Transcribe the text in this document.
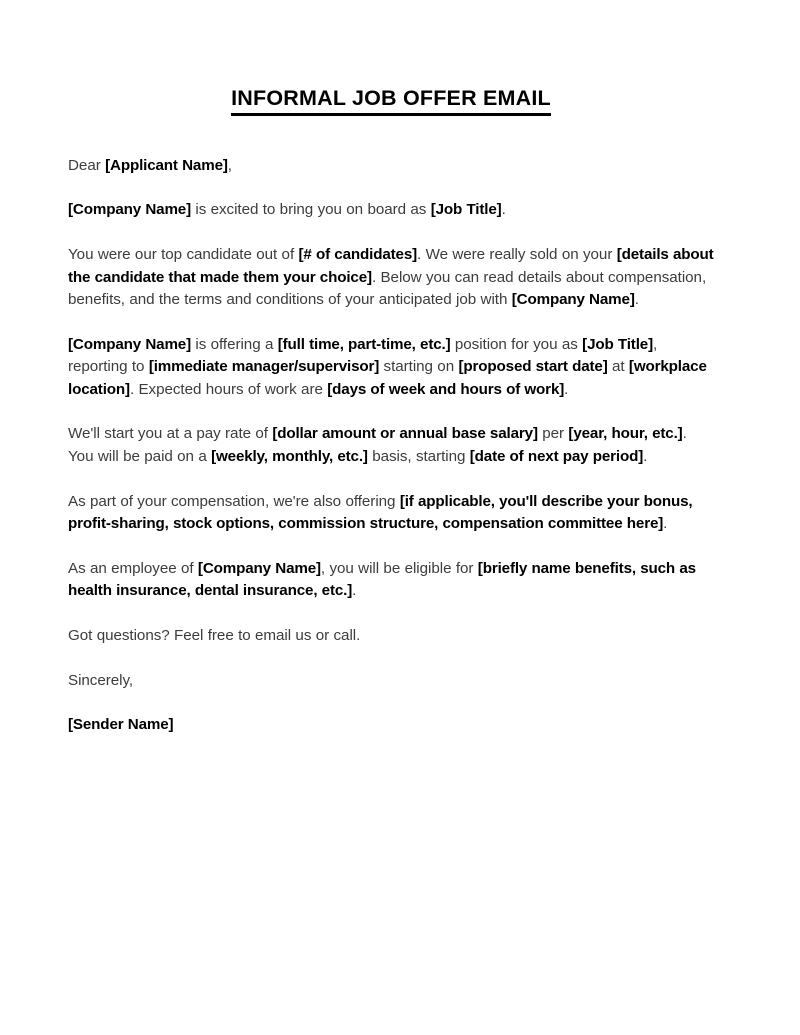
INFORMAL JOB OFFER EMAIL

Dear [Applicant Name],

[Company Name] is excited to bring you on board as [Job Title].

You were our top candidate out of [# of candidates]. We were really sold on your [details about the candidate that made them your choice]. Below you can read details about compensation, benefits, and the terms and conditions of your anticipated job with [Company Name].

[Company Name] is offering a [full time, part-time, etc.] position for you as [Job Title], reporting to [immediate manager/supervisor] starting on [proposed start date] at [workplace location]. Expected hours of work are [days of week and hours of work].

We'll start you at a pay rate of [dollar amount or annual base salary] per [year, hour, etc.]. You will be paid on a [weekly, monthly, etc.] basis, starting [date of next pay period].

As part of your compensation, we're also offering [if applicable, you'll describe your bonus, profit-sharing, stock options, commission structure, compensation committee here].

As an employee of [Company Name], you will be eligible for [briefly name benefits, such as health insurance, dental insurance, etc.].

Got questions? Feel free to email us or call.

Sincerely,

[Sender Name]
